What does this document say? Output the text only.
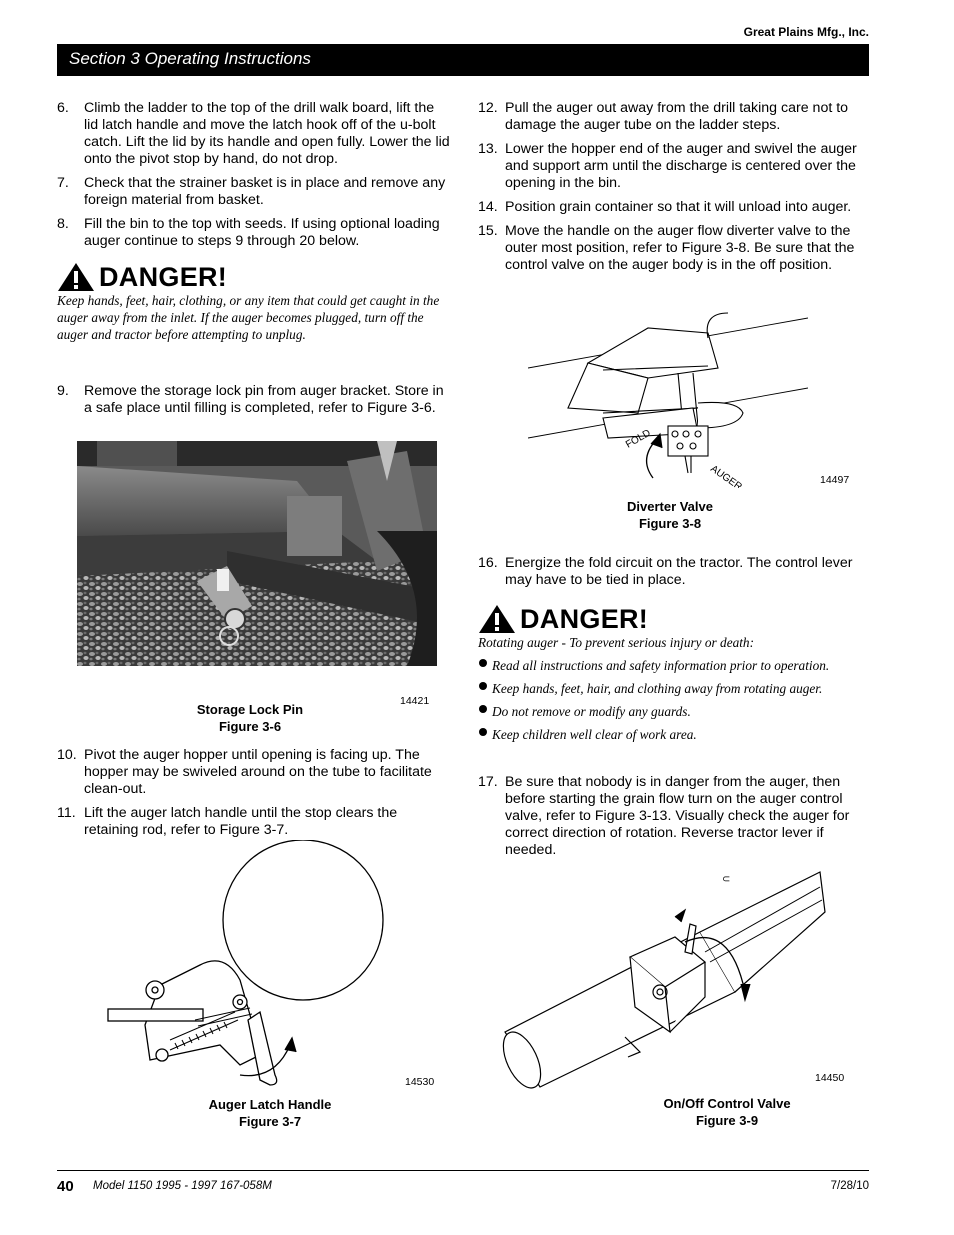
Great Plains Mfg., Inc.
Section 3 Operating Instructions
6.	Climb the ladder to the top of the drill walk board, lift the lid latch handle and move the latch hook off of the u-bolt catch. Lift the lid by its handle and open fully. Lower the lid onto the pivot stop by hand, do not drop.
7.	Check that the strainer basket is in place and remove any foreign material from basket.
8.	Fill the bin to the top with seeds. If using optional loading auger continue to steps 9 through 20 below.
DANGER!
Keep hands, feet, hair, clothing, or any item that could get caught in the auger away from the inlet. If the auger becomes plugged, turn off the auger and tractor before attempting to unplug.
9.	Remove the storage lock pin from auger bracket. Store in a safe place until filling is completed, refer to Figure 3-6.
14421
Storage Lock Pin
Figure 3-6
10. Pivot the auger hopper until opening is facing up. The hopper may be swiveled around on the tube to facilitate clean-out.
11. Lift the auger latch handle until the stop clears the retaining rod, refer to Figure 3-7.
14530
Auger Latch Handle
Figure 3-7
12. Pull the auger out away from the drill taking care not to damage the auger tube on the ladder steps.
13. Lower the hopper end of the auger and swivel the auger and support arm until the discharge is centered over the opening in the bin.
14. Position grain container so that it will unload into auger.
15. Move the handle on the auger flow diverter valve to the outer most position, refer to Figure 3-8. Be sure that the control valve on the auger body is in the off position.
FOLD
AUGER	14497
Diverter Valve
Figure 3-8
16. Energize the fold circuit on the tractor. The control lever may have to be tied in place.
DANGER!
Rotating auger - To prevent serious injury or death:
Read all instructions and safety information prior to operation.
Keep hands, feet, hair, and clothing away from rotating auger.
Do not remove or modify any guards.
Keep children well clear of work area.
17. Be sure that nobody is in danger from the auger, then before starting the grain flow turn on the auger control valve, refer to Figure 3-13. Visually check the auger for correct direction of rotation. Reverse tractor lever if needed.
⊂
14450
On/Off Control Valve
Figure 3-9
40 Model 1150 1995 - 1997 167-058M	7/28/10
